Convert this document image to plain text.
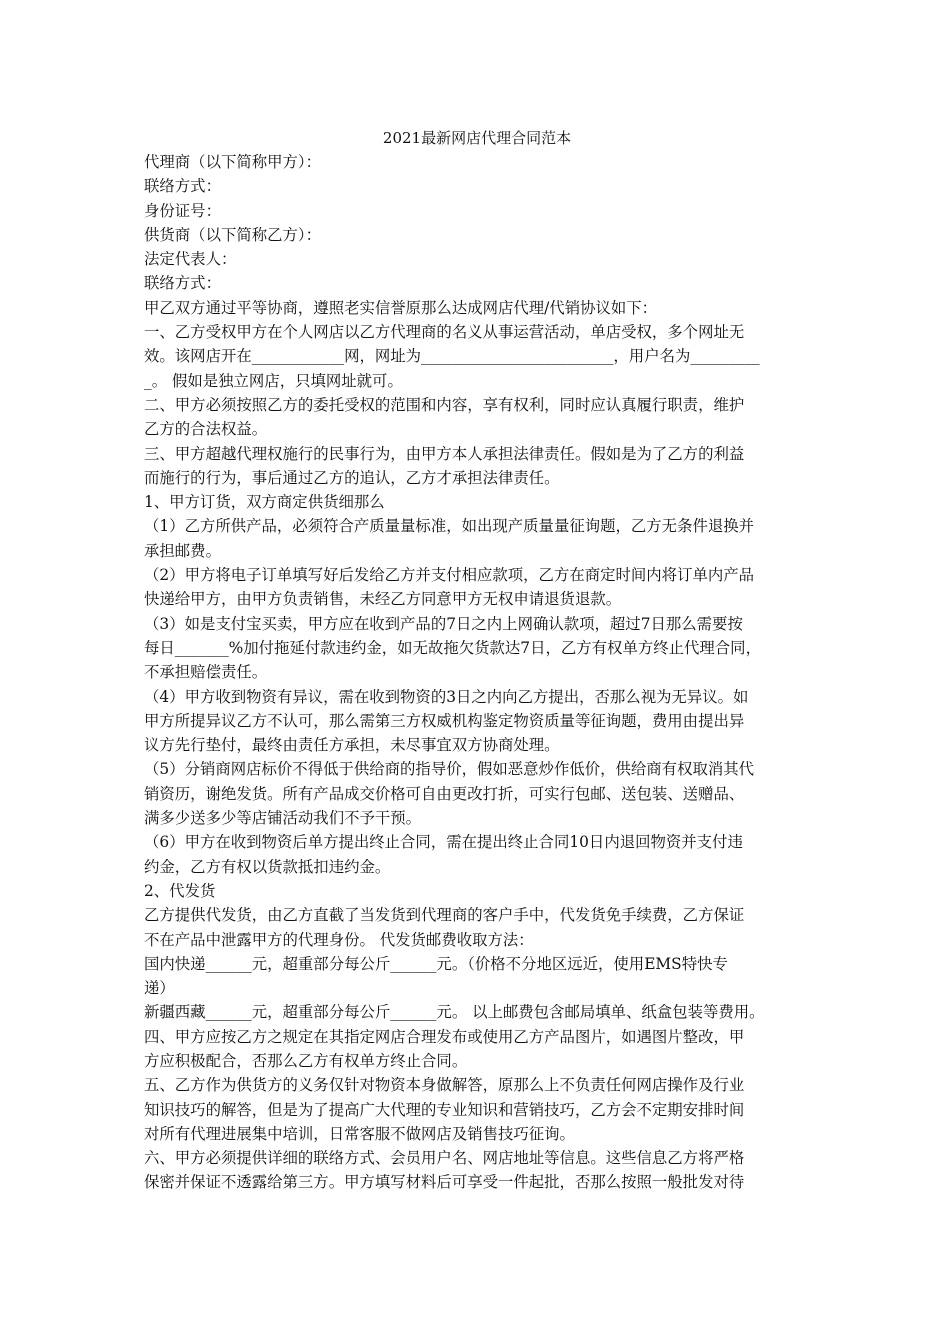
2021最新网店代理合同范本

代理商（以下简称甲方）：

联络方式：

身份证号：

供货商（以下简称乙方）：

法定代表人：

联络方式：

甲乙双方通过平等协商，遵照老实信誉原那么达成网店代理/代销协议如下：

一、乙方受权甲方在个人网店以乙方代理商的名义从事运营活动，单店受权，多个网址无

效。该网店开在____________网，网址为_________________________，用户名为_________

_。 假如是独立网店，只填网址就可。

二、甲方必须按照乙方的委托受权的范围和内容，享有权利，同时应认真履行职责，维护

乙方的合法权益。

三、甲方超越代理权施行的民事行为，由甲方本人承担法律责任。假如是为了乙方的利益

而施行的行为，事后通过乙方的追认，乙方才承担法律责任。

1、甲方订货，双方商定供货细那么

（1）乙方所供产品，必须符合产质量量标准，如出现产质量量征询题，乙方无条件退换并

承担邮费。

（2）甲方将电子订单填写好后发给乙方并支付相应款项，乙方在商定时间内将订单内产品

快递给甲方，由甲方负责销售，未经乙方同意甲方无权申请退货退款。

（3）如是支付宝买卖，甲方应在收到产品的7日之内上网确认款项，超过7日那么需要按

每日_______%加付拖延付款违约金，如无故拖欠货款达7日，乙方有权单方终止代理合同，

不承担赔偿责任。

（4）甲方收到物资有异议，需在收到物资的3日之内向乙方提出，否那么视为无异议。如

甲方所提异议乙方不认可，那么需第三方权威机构鉴定物资质量等征询题，费用由提出异

议方先行垫付，最终由责任方承担，未尽事宜双方协商处理。

（5）分销商网店标价不得低于供给商的指导价，假如恶意炒作低价，供给商有权取消其代

销资历，谢绝发货。所有产品成交价格可自由更改打折，可实行包邮、送包装、送赠品、

满多少送多少等店铺活动我们不予干预。

（6）甲方在收到物资后单方提出终止合同，需在提出终止合同10日内退回物资并支付违

约金，乙方有权以货款抵扣违约金。

2、代发货

乙方提供代发货，由乙方直截了当发货到代理商的客户手中，代发货免手续费，乙方保证

不在产品中泄露甲方的代理身份。 代发货邮费收取方法：

国内快递______元，超重部分每公斤______元。（价格不分地区远近，使用EMS特快专

递）

新疆西藏______元，超重部分每公斤______元。 以上邮费包含邮局填单、纸盒包装等费用。

四、甲方应按乙方之规定在其指定网店合理发布或使用乙方产品图片，如遇图片整改，甲

方应积极配合，否那么乙方有权单方终止合同。

五、乙方作为供货方的义务仅针对物资本身做解答，原那么上不负责任何网店操作及行业

知识技巧的解答，但是为了提高广大代理的专业知识和营销技巧，乙方会不定期安排时间

对所有代理进展集中培训，日常客服不做网店及销售技巧征询。

六、甲方必须提供详细的联络方式、会员用户名、网店地址等信息。这些信息乙方将严格

保密并保证不透露给第三方。甲方填写材料后可享受一件起批，否那么按照一般批发对待
